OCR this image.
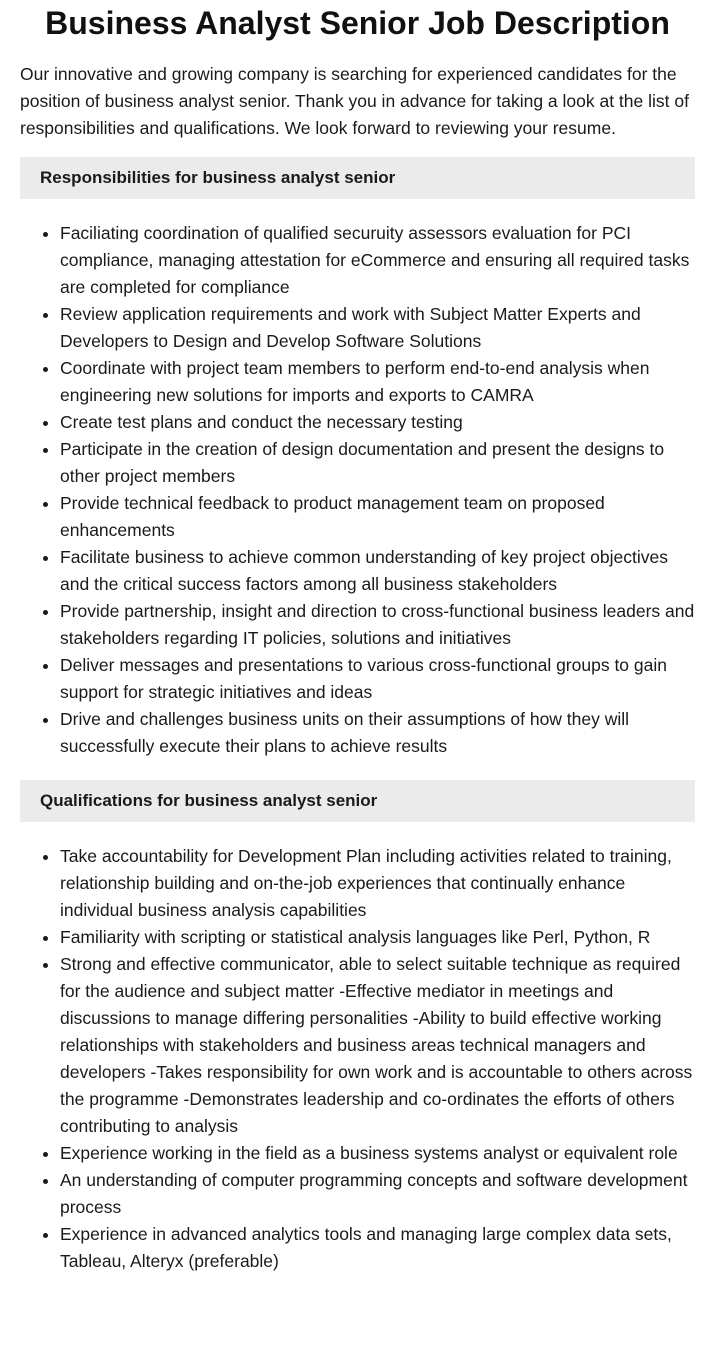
Business Analyst Senior Job Description

Our innovative and growing company is searching for experienced candidates for the position of business analyst senior. Thank you in advance for taking a look at the list of responsibilities and qualifications. We look forward to reviewing your resume.

Responsibilities for business analyst senior
• Faciliating coordination of qualified securuity assessors evaluation for PCI compliance, managing attestation for eCommerce and ensuring all required tasks are completed for compliance
• Review application requirements and work with Subject Matter Experts and Developers to Design and Develop Software Solutions
• Coordinate with project team members to perform end-to-end analysis when engineering new solutions for imports and exports to CAMRA
• Create test plans and conduct the necessary testing
• Participate in the creation of design documentation and present the designs to other project members
• Provide technical feedback to product management team on proposed enhancements
• Facilitate business to achieve common understanding of key project objectives and the critical success factors among all business stakeholders
• Provide partnership, insight and direction to cross-functional business leaders and stakeholders regarding IT policies, solutions and initiatives
• Deliver messages and presentations to various cross-functional groups to gain support for strategic initiatives and ideas
• Drive and challenges business units on their assumptions of how they will successfully execute their plans to achieve results
Qualifications for business analyst senior
• Take accountability for Development Plan including activities related to training, relationship building and on-the-job experiences that continually enhance individual business analysis capabilities
• Familiarity with scripting or statistical analysis languages like Perl, Python, R
• Strong and effective communicator, able to select suitable technique as required for the audience and subject matter -Effective mediator in meetings and discussions to manage differing personalities -Ability to build effective working relationships with stakeholders and business areas technical managers and developers -Takes responsibility for own work and is accountable to others across the programme -Demonstrates leadership and co-ordinates the efforts of others contributing to analysis
• Experience working in the field as a business systems analyst or equivalent role
• An understanding of computer programming concepts and software development process
• Experience in advanced analytics tools and managing large complex data sets, Tableau, Alteryx (preferable)
